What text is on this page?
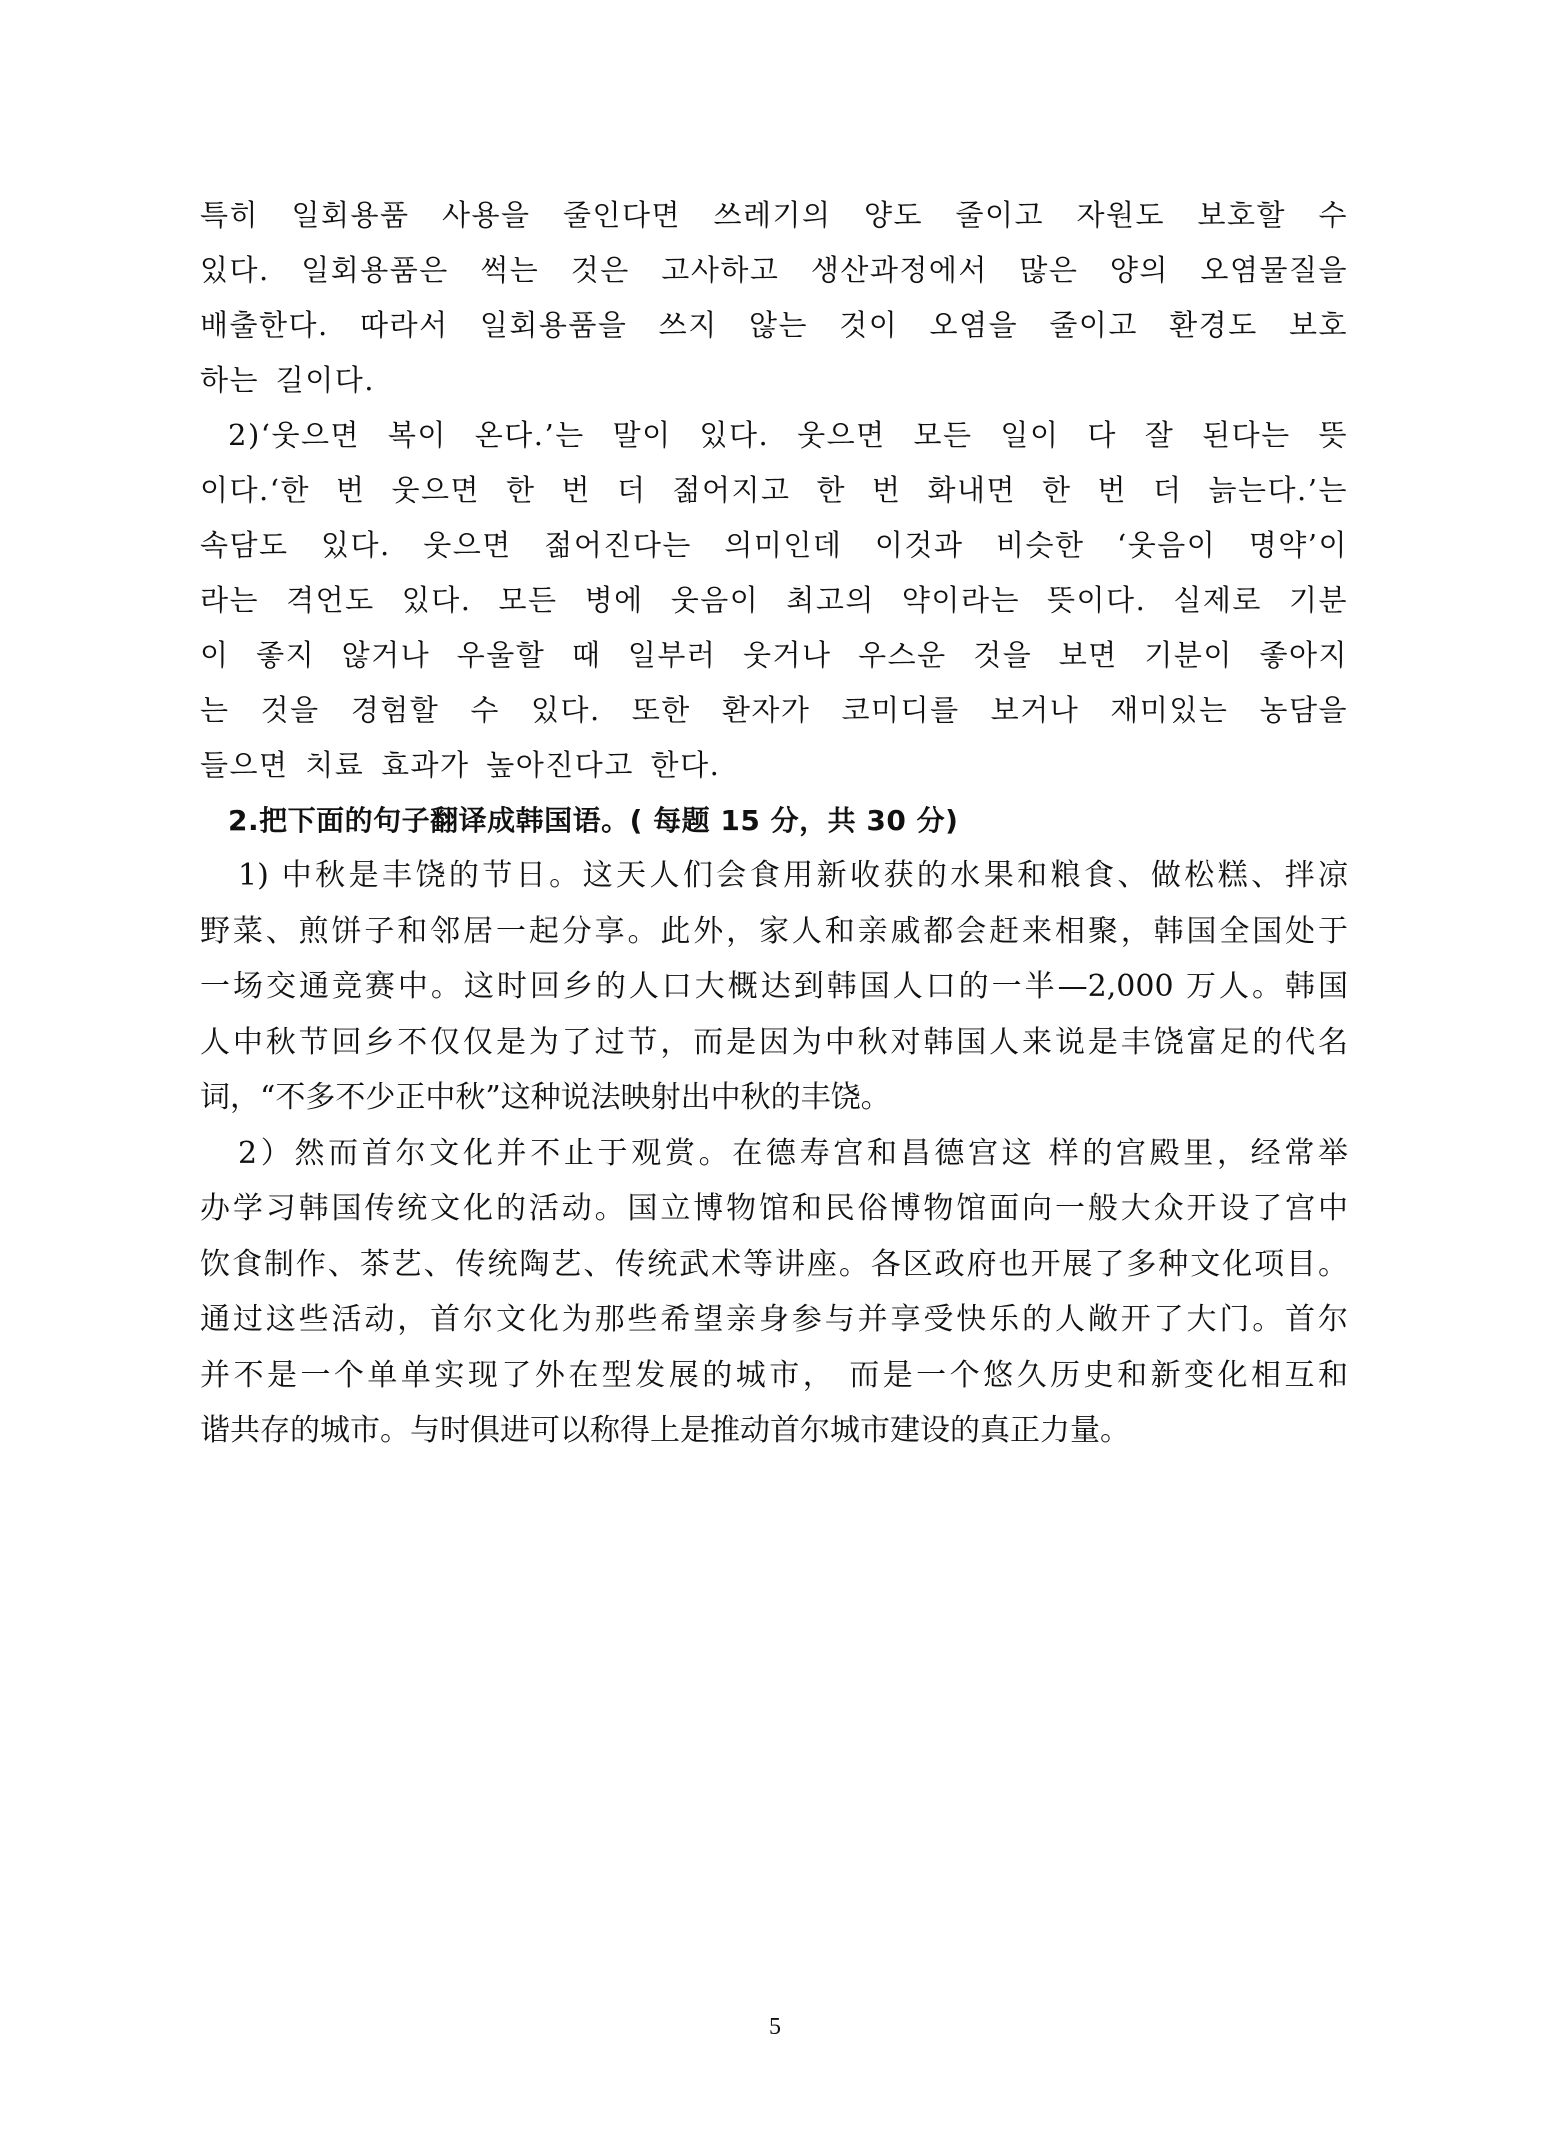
특히 일회용품 사용을 줄인다면 쓰레기의 양도 줄이고 자원도 보호할 수
있다. 일회용품은 썩는 것은 고사하고 생산과정에서 많은 양의 오염물질을
배출한다. 따라서 일회용품을 쓰지 않는 것이 오염을 줄이고 환경도 보호
하는 길이다.
2)‘웃으면 복이 온다.’는 말이 있다. 웃으면 모든 일이 다 잘 된다는 뜻
이다.‘한 번 웃으면 한 번 더 젊어지고 한 번 화내면 한 번 더 늙는다.’는
속담도 있다. 웃으면 젊어진다는 의미인데 이것과 비슷한 ‘웃음이 명약’이
라는 격언도 있다. 모든 병에 웃음이 최고의 약이라는 뜻이다. 실제로 기분
이 좋지 않거나 우울할 때 일부러 웃거나 우스운 것을 보면 기분이 좋아지
는 것을 경험할 수 있다. 또한 환자가 코미디를 보거나 재미있는 농담을
들으면 치료 효과가 높아진다고 한다.
2.把下面的句子翻译成韩国语。( 每题 15 分，共 30 分)
1) 中秋是丰饶的节日。这天人们会食用新收获的水果和粮食、做松糕、拌凉
野菜、煎饼子和邻居一起分享。此外，家人和亲戚都会赶来相聚，韩国全国处于
一场交通竞赛中。这时回乡的人口大概达到韩国人口的一半—2,000 万人。韩国
人中秋节回乡不仅仅是为了过节，而是因为中秋对韩国人来说是丰饶富足的代名
词，“不多不少正中秋”这种说法映射出中秋的丰饶。
2）然而首尔文化并不止于观赏。在德寿宫和昌德宫这 样的宫殿里，经常举
办学习韩国传统文化的活动。国立博物馆和民俗博物馆面向一般大众开设了宫中
饮食制作、茶艺、传统陶艺、传统武术等讲座。各区政府也开展了多种文化项目。
通过这些活动，首尔文化为那些希望亲身参与并享受快乐的人敞开了大门。首尔
并不是一个单单实现了外在型发展的城市， 而是一个悠久历史和新变化相互和
谐共存的城市。与时俱进可以称得上是推动首尔城市建设的真正力量。
5
